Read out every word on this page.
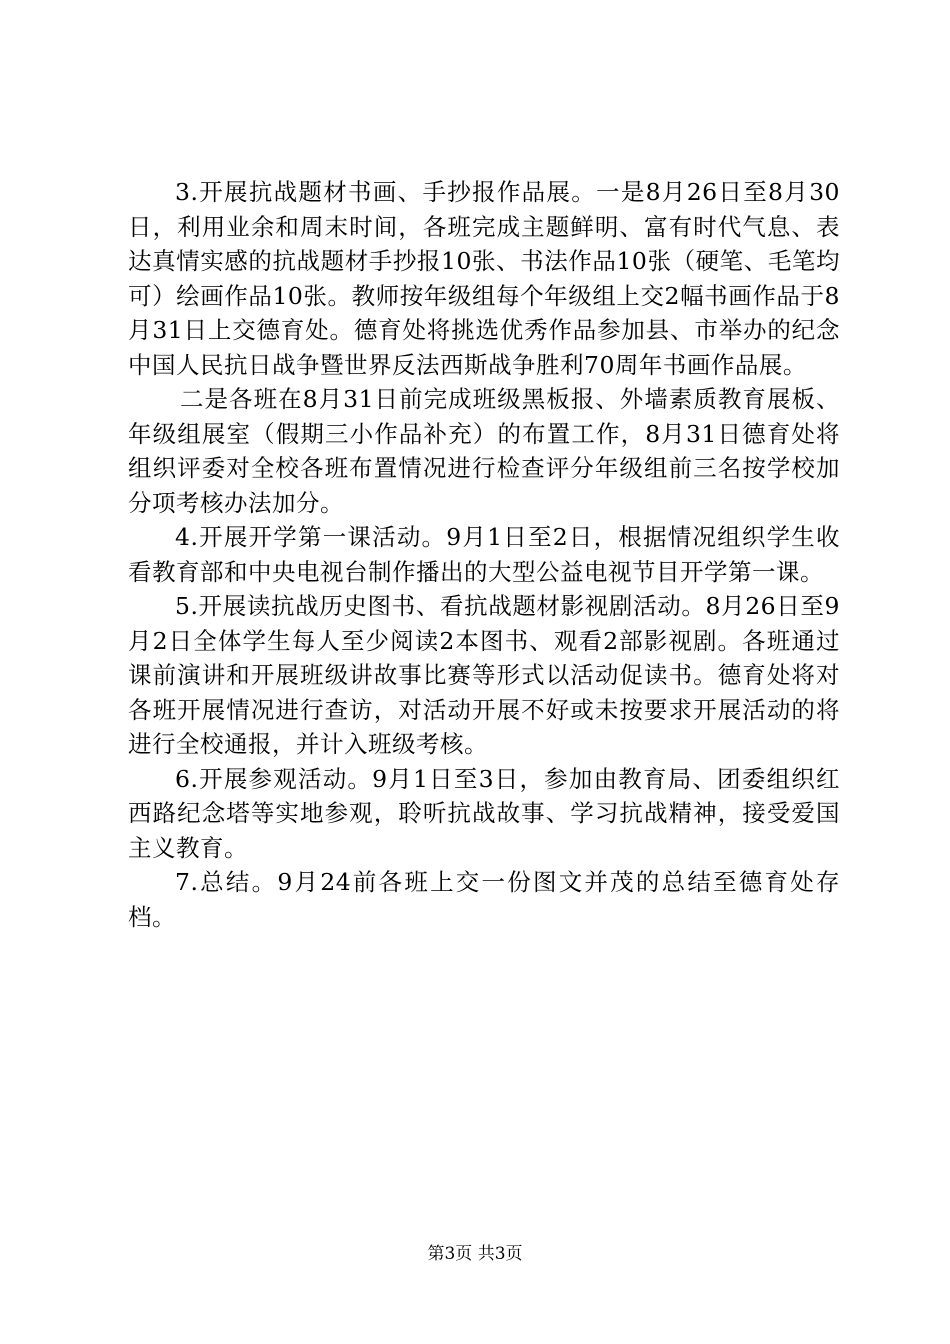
3.开展抗战题材书画、手抄报作品展。一是8月26日至8月30日，利用业余和周末时间，各班完成主题鲜明、富有时代气息、表达真情实感的抗战题材手抄报10张、书法作品10张（硬笔、毛笔均可）绘画作品10张。教师按年级组每个年级组上交2幅书画作品于8月31日上交德育处。德育处将挑选优秀作品参加县、市举办的纪念中国人民抗日战争暨世界反法西斯战争胜利70周年书画作品展。

二是各班在8月31日前完成班级黑板报、外墙素质教育展板、年级组展室（假期三小作品补充）的布置工作，8月31日德育处将组织评委对全校各班布置情况进行检查评分年级组前三名按学校加分项考核办法加分。

4.开展开学第一课活动。9月1日至2日，根据情况组织学生收看教育部和中央电视台制作播出的大型公益电视节目开学第一课。

5.开展读抗战历史图书、看抗战题材影视剧活动。8月26日至9月2日全体学生每人至少阅读2本图书、观看2部影视剧。各班通过课前演讲和开展班级讲故事比赛等形式以活动促读书。德育处将对各班开展情况进行查访，对活动开展不好或未按要求开展活动的将进行全校通报，并计入班级考核。

6.开展参观活动。9月1日至3日，参加由教育局、团委组织红西路纪念塔等实地参观，聆听抗战故事、学习抗战精神，接受爱国主义教育。

7.总结。9月24前各班上交一份图文并茂的总结至德育处存档。

第3页 共3页
